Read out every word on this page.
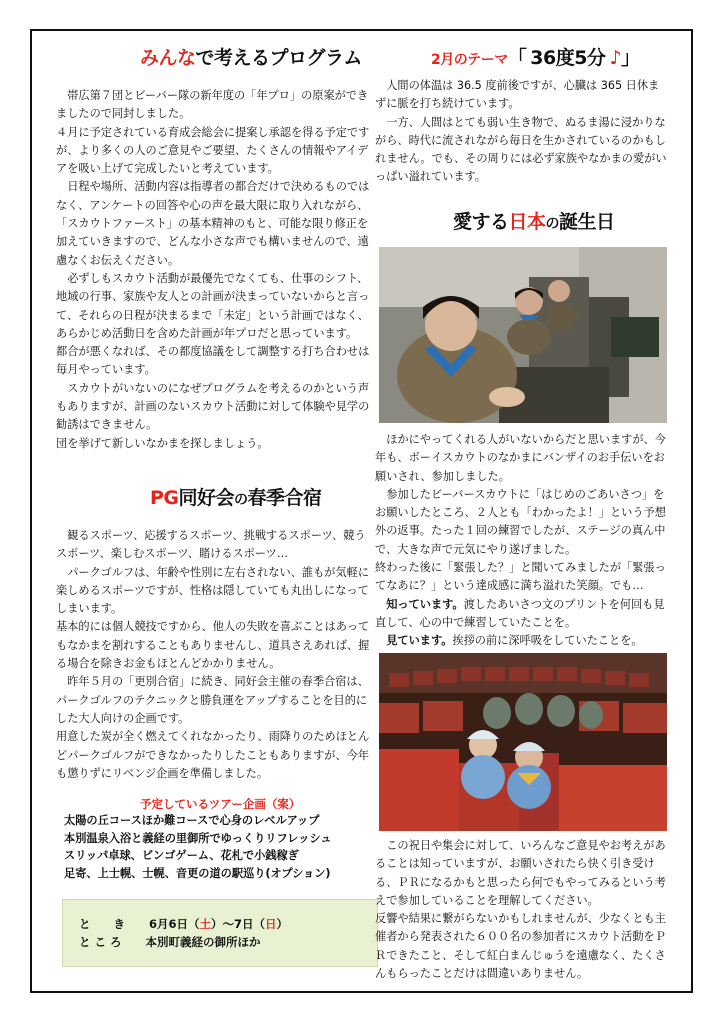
みんなで考えるプログラム

　帯広第７団とビーバー隊の新年度の「年プロ」の原案ができましたので同封しました。

４月に予定されている育成会総会に提案し承認を得る予定ですが、より多くの人のご意見やご要望、たくさんの情報やアイデアを吸い上げて完成したいと考えています。

　日程や場所、活動内容は指導者の都合だけで決めるものではなく、アンケートの回答や心の声を最大限に取り入れながら、「スカウトファースト」の基本精神のもと、可能な限り修正を加えていきますので、どんな小さな声でも構いませんので、遠慮なくお伝えください。

　必ずしもスカウト活動が最優先でなくても、仕事のシフト、地域の行事、家族や友人との計画が決まっていないからと言って、それらの日程が決まるまで「未定」という計画ではなく、あらかじめ活動日を含めた計画が年プロだと思っています。

都合が悪くなれば、その都度協議をして調整する打ち合わせは毎月やっています。

　スカウトがいないのになぜプログラムを考えるのかという声もありますが、計画のないスカウト活動に対して体験や見学の勧誘はできません。

団を挙げて新しいなかまを探しましょう。

PG同好会の春季合宿

　観るスポーツ、応援するスポーツ、挑戦するスポーツ、競うスポーツ、楽しむスポーツ、賭けるスポーツ…

　パークゴルフは、年齢や性別に左右されない、誰もが気軽に楽しめるスポーツですが、性格は隠していても丸出しになってしまいます。

基本的には個人競技ですから、他人の失敗を喜ぶことはあってもなかまを割れすることもありませんし、道具さえあれば、握る場合を除きお金もほとんどかかりません。

　昨年５月の「更別合宿」に続き、同好会主催の春季合宿は、パークゴルフのテクニックと勝負運をアップすることを目的にした大人向けの企画です。

用意した炭が全く燃えてくれなかったり、雨降りのためほとんどパークゴルフができなかったりしたこともありますが、今年も懲りずにリベンジ企画を準備しました。

予定しているツアー企画（案）
太陽の丘コースほか難コースで心身のレベルアップ
本別温泉入浴と義経の里御所でゆっくりリフレッシュ
スリッパ卓球、ビンゴゲーム、花札で小銭稼ぎ
足寄、上士幌、士幌、音更の道の駅巡り(オプション)
と　　き 6月6日（土）～7日（日）
と こ ろ 本別町義経の御所ほか
2月のテーマ「 36度5分 ♪」

　人間の体温は 36.5 度前後ですが、心臓は 365 日休まずに脈を打ち続けています。

　一方、人間はとても弱い生き物で、ぬるま湯に浸かりながら、時代に流されながら毎日を生かされているのかもしれません。でも、その周りには必ず家族やなかまの愛がいっぱい溢れています。

愛する日本の誕生日

　ほかにやってくれる人がいないからだと思いますが、今年も、ボーイスカウトのなかまにバンザイのお手伝いをお願いされ、参加しました。

　参加したビーバースカウトに「はじめのごあいさつ」をお願いしたところ、２人とも「わかったよ！」という予想外の返事。たった１回の練習でしたが、ステージの真ん中で、大きな声で元気にやり遂げました。

終わった後に「緊張した？」と聞いてみましたが「緊張ってなあに？」という達成感に満ち溢れた笑顔。でも…

　知っています。渡したあいさつ文のプリントを何回も見直して、心の中で練習していたことを。

　見ています。挨拶の前に深呼吸をしていたことを。

　この祝日や集会に対して、いろんなご意見やお考えがあることは知っていますが、お願いされたら快く引き受ける、ＰＲになるかもと思ったら何でもやってみるという考えで参加していることを理解してください。

反響や結果に繋がらないかもしれませんが、少なくとも主催者から発表された６００名の参加者にスカウト活動をＰＲできたこと、そして紅白まんじゅうを遠慮なく、たくさんもらったことだけは間違いありません。
